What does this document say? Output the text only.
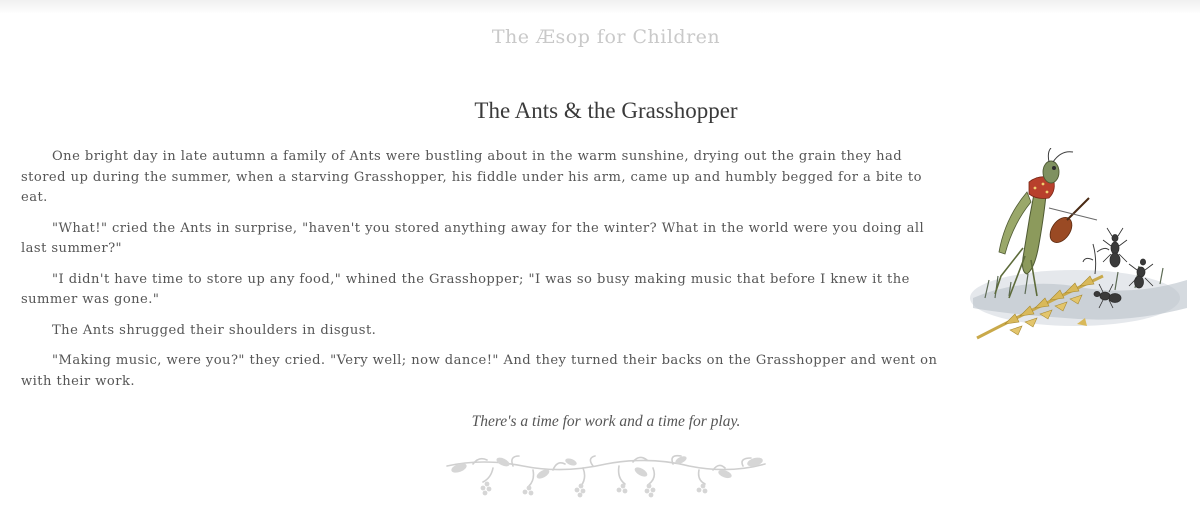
The Æsop for Children
The Ants & the Grasshopper

One bright day in late autumn a family of Ants were bustling about in the warm sunshine, drying out the grain they had stored up during the summer, when a starving Grasshopper, his fiddle under his arm, came up and humbly begged for a bite to eat.

"What!" cried the Ants in surprise, "haven't you stored anything away for the winter? What in the world were you doing all last summer?"

"I didn't have time to store up any food," whined the Grasshopper; "I was so busy making music that before I knew it the summer was gone."

The Ants shrugged their shoulders in disgust.

"Making music, were you?" they cried. "Very well; now dance!" And they turned their backs on the Grasshopper and went on with their work.

There's a time for work and a time for play.
